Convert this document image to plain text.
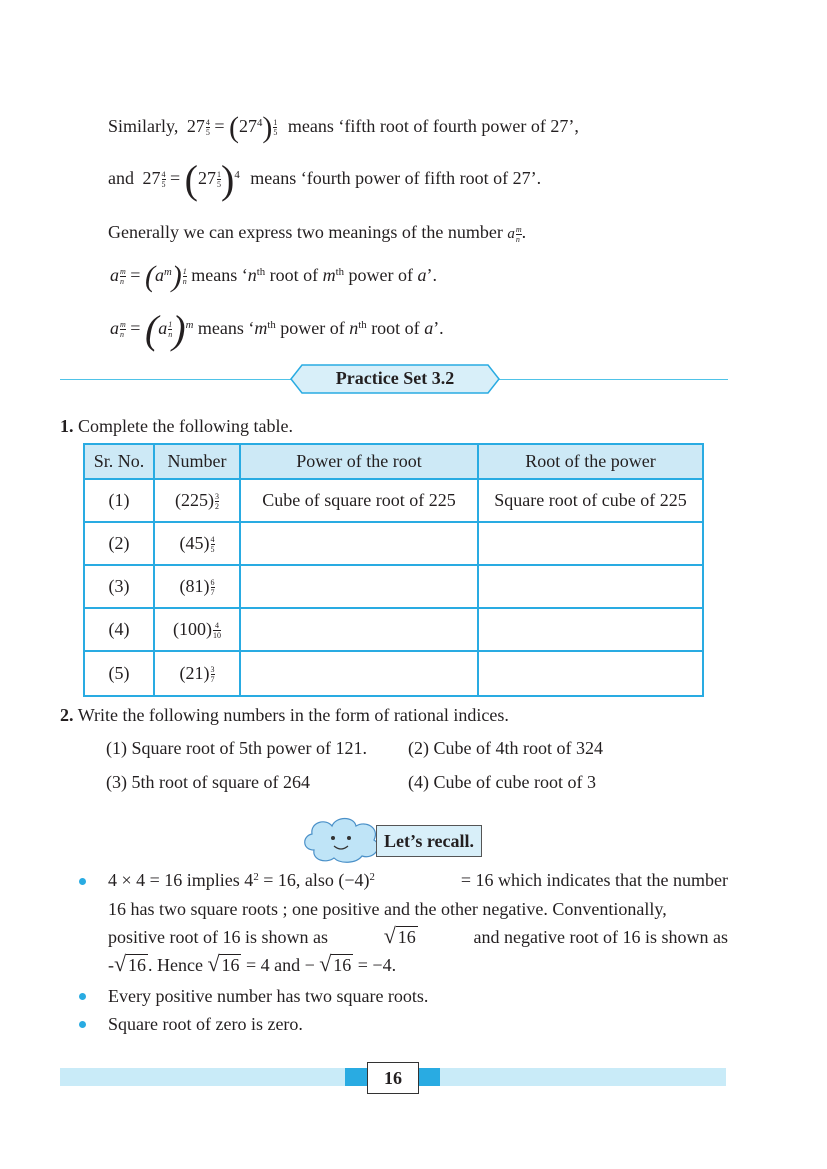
Similarly, $27 \frac{4}{5} = (27^4) \frac{1}{5}$ means ‘fifth root of fourth power of 27’,
and $27 \frac{4}{5} = (27 \frac{1}{5} )^4$ means ‘fourth power of fifth root of 27’.
Generally we can express two meanings of the number a $\frac{m}{n}$ .
a $\frac{m}{n} = (a^m) \frac{1}{n}$ means ‘$n^{th}$ root of $m^{th}$ power of a’.
a $\frac{m}{n} = (a \frac{1}{n} )^m$ means ‘$m^{th}$ power of $n^{th}$ root of a’.
Practice Set 3.2
1. Complete the following table.
Sr. No.	Number	Power of the root	Root of the power
(1)	$(225) \frac{3}{2}$	Cube of square root of 225	Square root of cube of 225
(2)	$(45) \frac{4}{5}$

(3)	$(81) \frac{6}{7}$

(4)	$(100) \frac{4}{10}$

(5)	$(21) \frac{3}{7}$

2. Write the following numbers in the form of rational indices.
(1) Square root of 5th power of 121. (2) Cube of 4th root of 324
(3) 5th root of square of 264	(4) Cube of cube root of 3
Let’s recall.
4 × 4 = 16 implies $4^2 = 16$, also $(-4)^2$	= 16 which indicates that the number
16 has two square roots ; one positive and the other negative. Conventionally,
positive root of 16 is shown as	√ 16	and negative root of 16 is shown as
- √ 16 . Hence √ 16 = 4 and − √ 16 = −4.
Every positive number has two square roots.
Square root of zero is zero.
16
